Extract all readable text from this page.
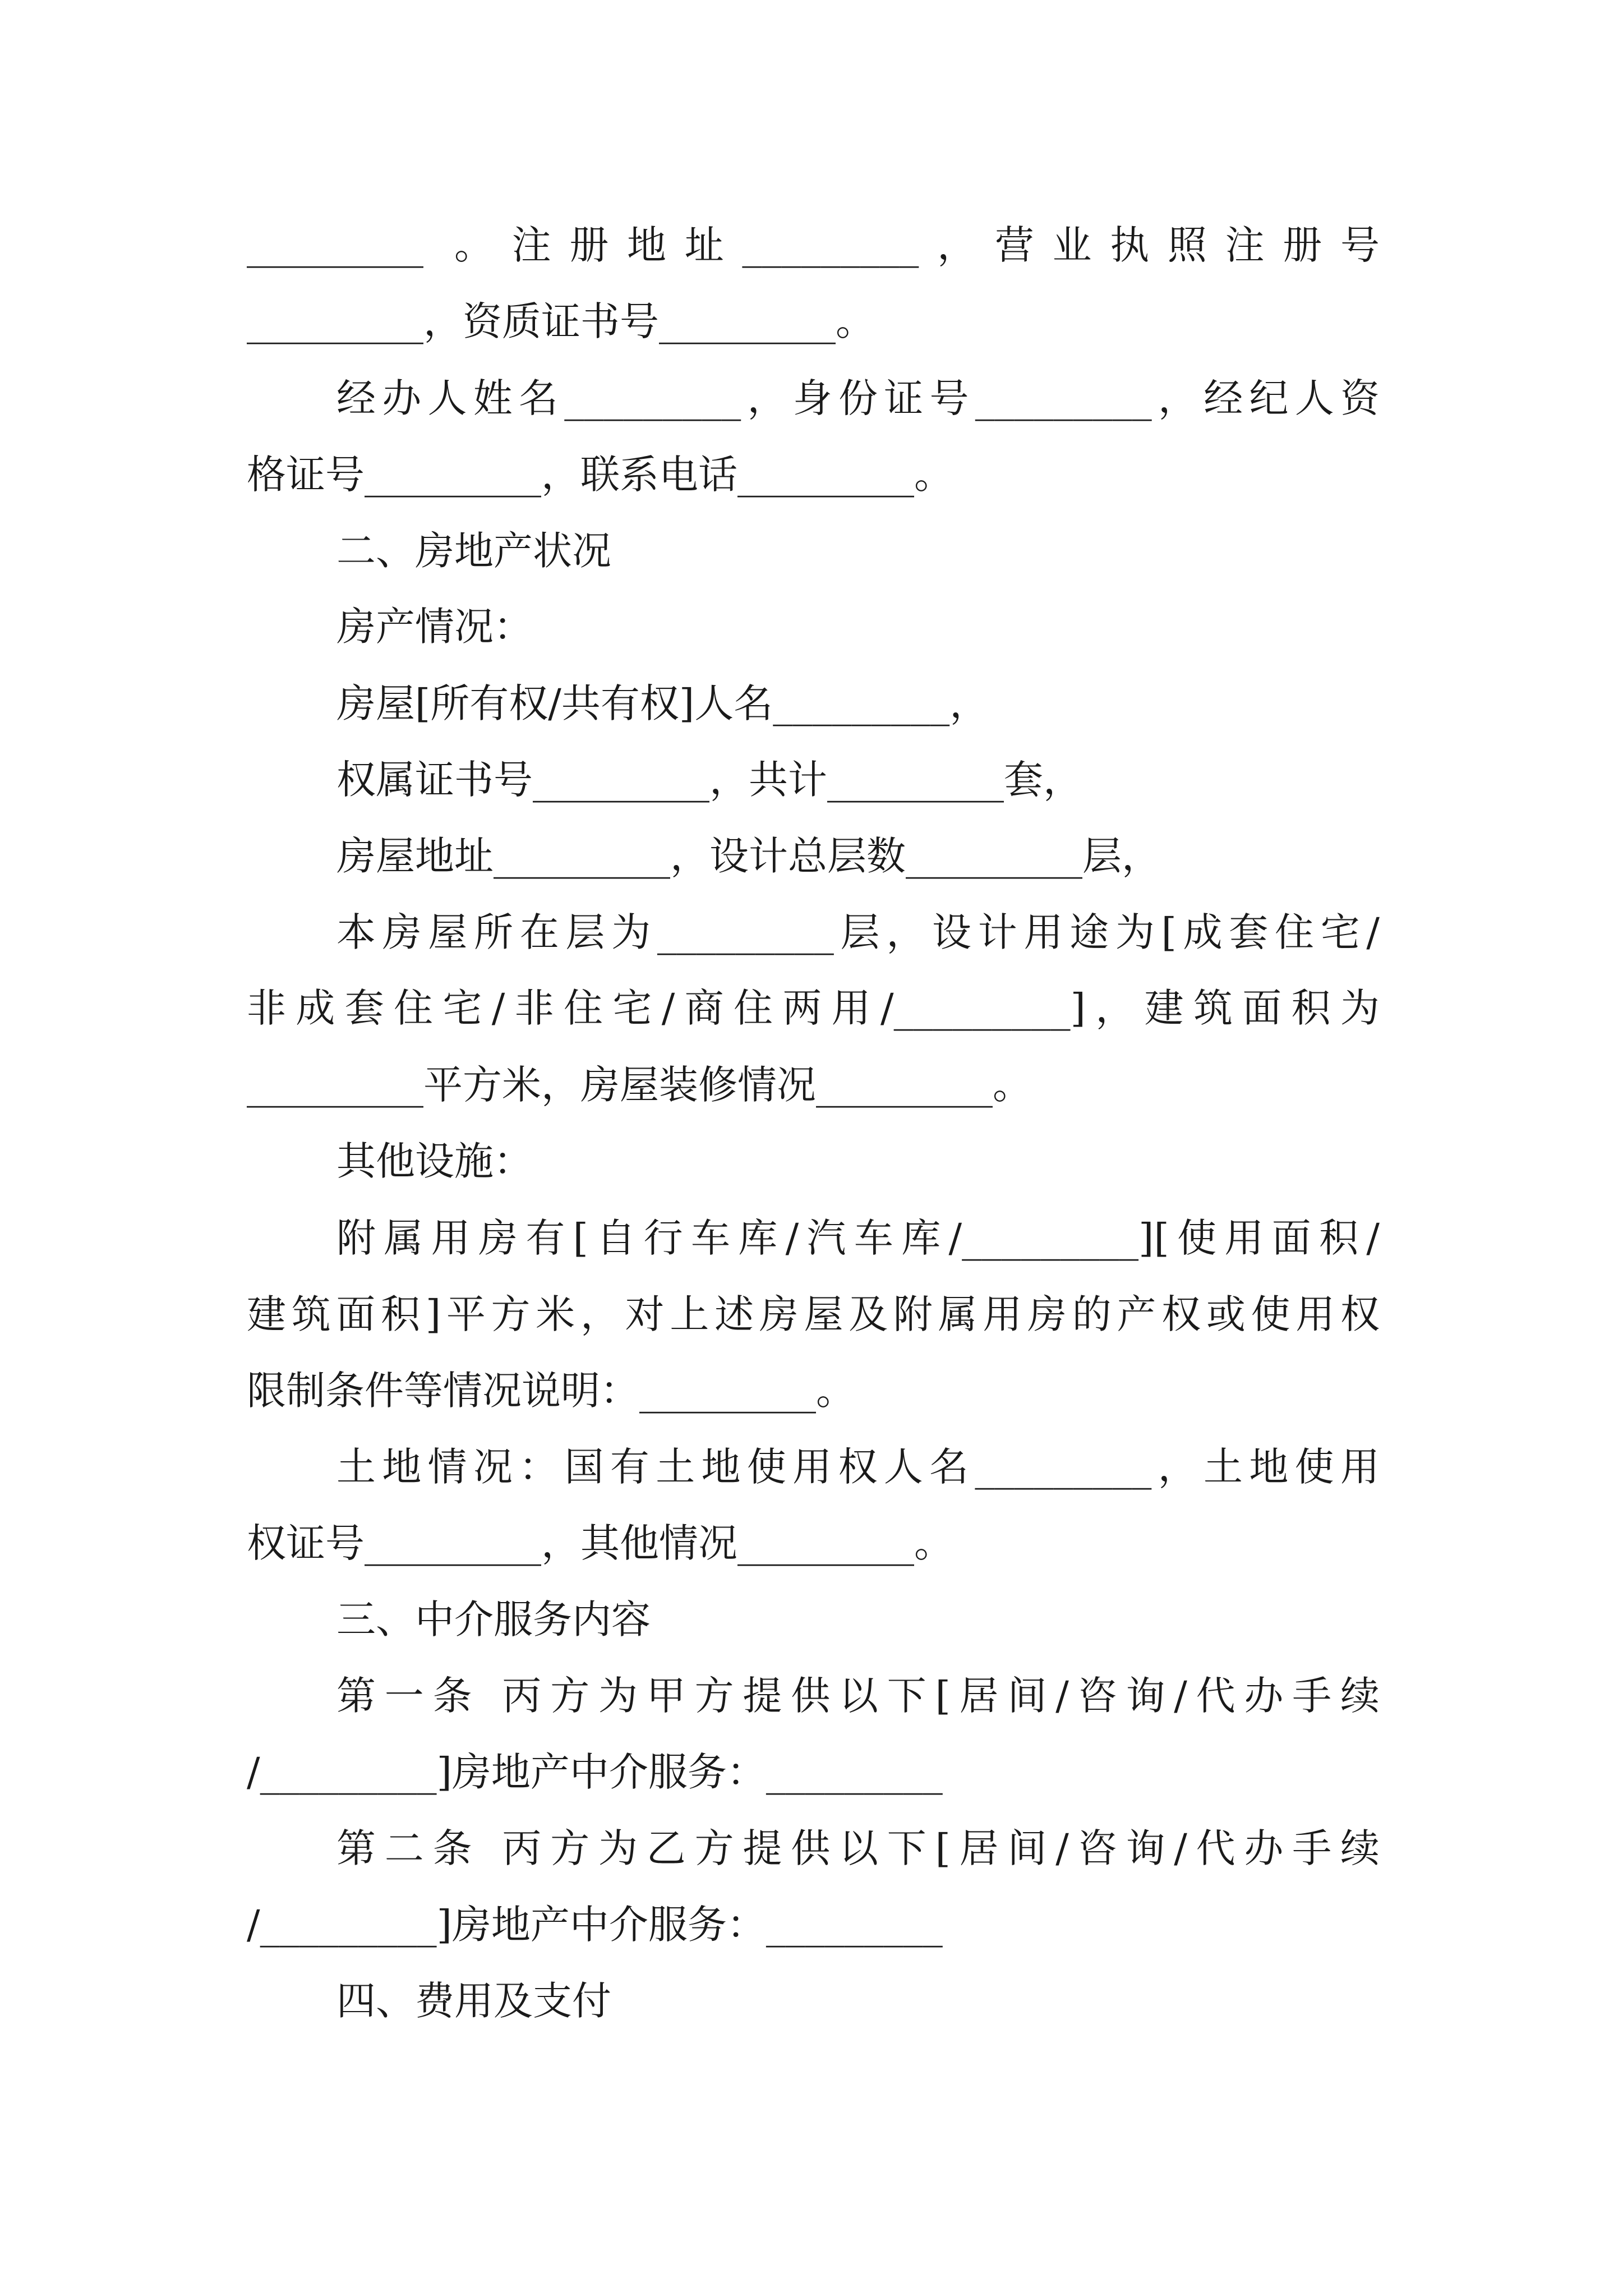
_________ 。注册地址_________，营业执照注册号
_________，资质证书号_________。
经办人姓名_________，身份证号_________，经纪人资
格证号_________，联系电话_________。
二、房地产状况
房产情况：
房屋[所有权/共有权]人名_________，
权属证书号_________，共计_________套，
房屋地址_________，设计总层数_________层，
本房屋所在层为_________层，设计用途为[成套住宅/
非成套住宅/非住宅/商住两用/_________]，建筑面积为
_________平方米，房屋装修情况_________。
其他设施：
附属用房有[自行车库/汽车库/_________][使用面积/
建筑面积]平方米，对上述房屋及附属用房的产权或使用权
限制条件等情况说明：_________。
土地情况：国有土地使用权人名_________，土地使用
权证号_________，其他情况_________。
三、中介服务内容
第一条 丙方为甲方提供以下[居间/咨询/代办手续
/_________]房地产中介服务：_________
第二条 丙方为乙方提供以下[居间/咨询/代办手续
/_________]房地产中介服务：_________
四、费用及支付
